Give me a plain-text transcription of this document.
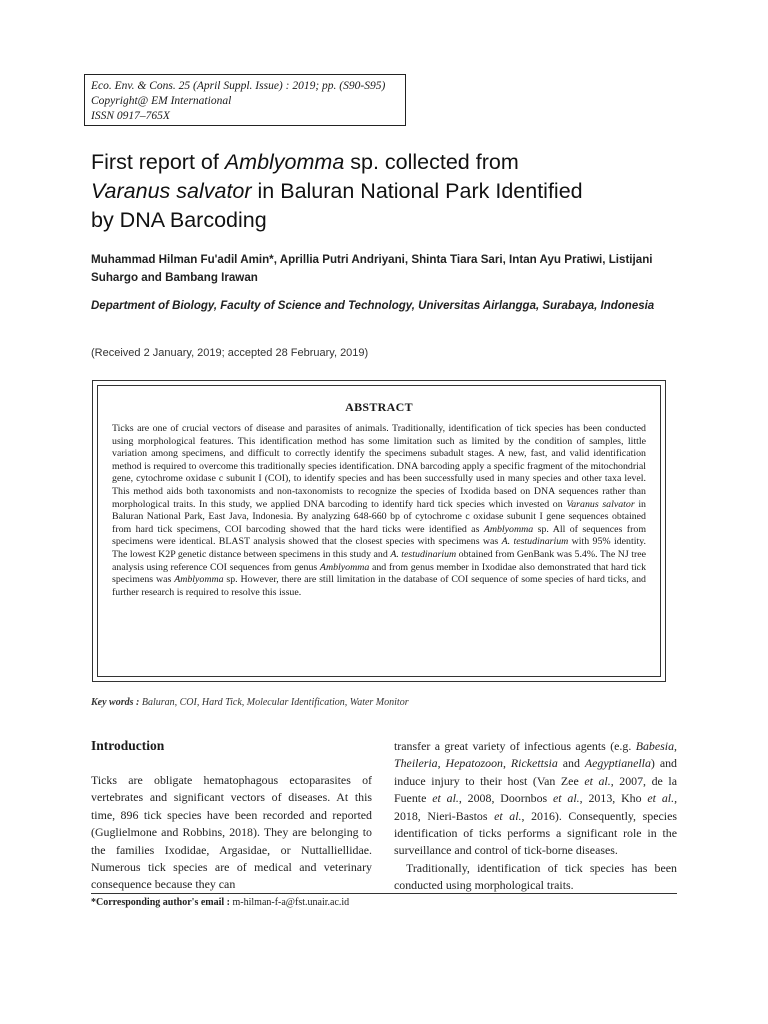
Eco. Env. & Cons. 25 (April Suppl. Issue) : 2019; pp. (S90-S95)
Copyright@ EM International
ISSN 0917–765X
First report of Amblyomma sp. collected from
Varanus salvator in Baluran National Park Identified
by DNA Barcoding
Muhammad Hilman Fu'adil Amin*, Aprillia Putri Andriyani, Shinta Tiara Sari, Intan Ayu Pratiwi, Listijani Suhargo and Bambang Irawan
Department of Biology, Faculty of Science and Technology, Universitas Airlangga, Surabaya, Indonesia
(Received 2 January, 2019; accepted 28 February, 2019)
ABSTRACT

Ticks are one of crucial vectors of disease and parasites of animals. Traditionally, identification of tick species has been conducted using morphological features. This identification method has some limitation such as limited by the condition of samples, little variation among specimens, and difficult to correctly identify the specimens subadult stages. A new, fast, and valid identification method is required to overcome this traditionally species identification. DNA barcoding apply a specific fragment of the mitochondrial gene, cytochrome oxidase c subunit I (COI), to identify species and has been successfully used in many species and other taxa level. This method aids both taxonomists and non-taxonomists to recognize the species of Ixodida based on DNA sequences rather than morphological traits. In this study, we applied DNA barcoding to identify hard tick species which invested on Varanus salvator in Baluran National Park, East Java, Indonesia. By analyzing 648-660 bp of cytochrome c oxidase subunit I gene sequences obtained from hard tick specimens, COI barcoding showed that the hard ticks were identified as Amblyomma sp. All of sequences from specimens were identical. BLAST analysis showed that the closest species with specimens was A. testudinarium with 95% identity. The lowest K2P genetic distance between specimens in this study and A. testudinarium obtained from GenBank was 5.4%. The NJ tree analysis using reference COI sequences from genus Amblyomma and from genus member in Ixodidae also demonstrated that hard tick specimens was Amblyomma sp. However, there are still limitation in the database of COI sequence of some species of hard ticks, and further research is required to resolve this issue.

Key words : Baluran, COI, Hard Tick, Molecular Identification, Water Monitor
Introduction

Ticks are obligate hematophagous ectoparasites of vertebrates and significant vectors of diseases. At this time, 896 tick species have been recorded and reported (Guglielmone and Robbins, 2018). They are belonging to the families Ixodidae, Argasidae, or Nuttalliellidae. Numerous tick species are of medical and veterinary consequence because they can

transfer a great variety of infectious agents (e.g. Babesia, Theileria, Hepatozoon, Rickettsia and Aegyptianella) and induce injury to their host (Van Zee et al., 2007, de la Fuente et al., 2008, Doornbos et al., 2013, Kho et al., 2018, Nieri-Bastos et al., 2016). Consequently, species identification of ticks performs a significant role in the surveillance and control of tick-borne diseases.

Traditionally, identification of tick species has been conducted using morphological traits.

*Corresponding author's email : m-hilman-f-a@fst.unair.ac.id
